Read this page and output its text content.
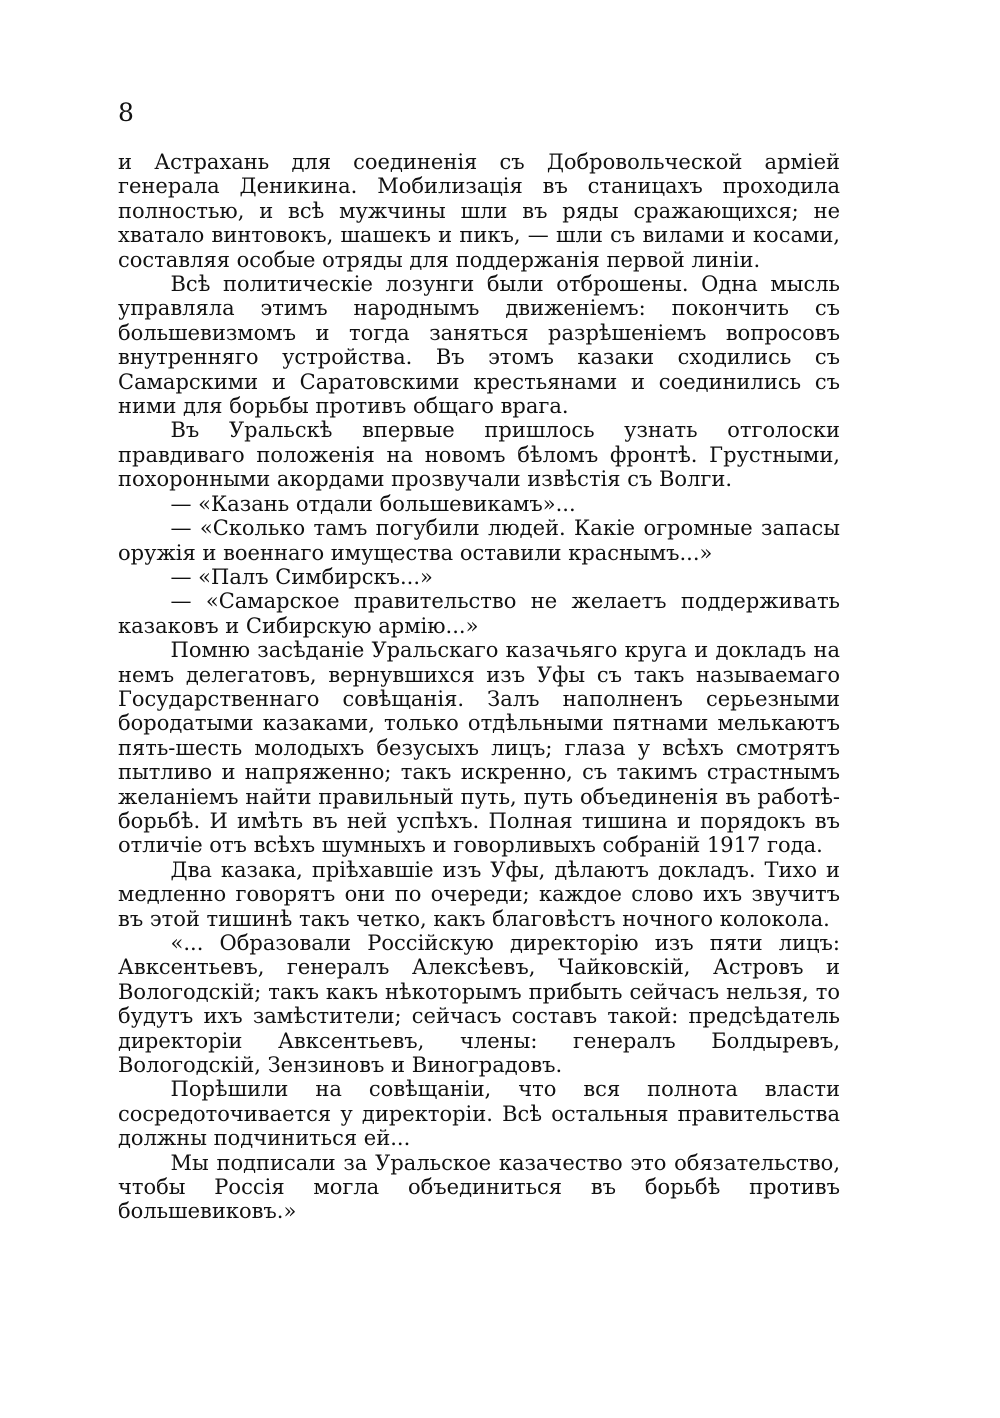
8

и Астрахань для соединенія съ Добровольческой арміей генерала Деникина. Мобилизація въ станицахъ проходила полностью, и всѣ мужчины шли въ ряды сражающихся; не хватало винтовокъ, шашекъ и пикъ, — шли съ вилами и косами, составляя особые отряды для поддержанія первой линіи.

Всѣ политическіе лозунги были отброшены. Одна мысль управляла этимъ народнымъ движеніемъ: покончить съ большевизмомъ и тогда заняться разрѣшеніемъ вопросовъ внутренняго устройства. Въ этомъ казаки сходились съ Самарскими и Саратовскими крестьянами и соединились съ ними для борьбы противъ общаго врага.

Въ Уральскѣ впервые пришлось узнать отголоски правдиваго положенія на новомъ бѣломъ фронтѣ. Грустными, похоронными акордами прозвучали извѣстія съ Волги.

— «Казань отдали большевикамъ»...

— «Сколько тамъ погубили людей. Какіе огромные запасы оружія и военнаго имущества оставили краснымъ...»

— «Палъ Симбирскъ...»

— «Самарское правительство не желаетъ поддерживать казаковъ и Сибирскую армію...»

Помню засѣданіе Уральскаго казачьяго круга и докладъ на немъ делегатовъ, вернувшихся изъ Уфы съ такъ называемаго Государственнаго совѣщанія. Залъ наполненъ серьезными бородатыми казаками, только отдѣльными пятнами мелькаютъ пять-шесть молодыхъ безусыхъ лицъ; глаза у всѣхъ смотрятъ пытливо и напряженно; такъ искренно, съ такимъ страстнымъ желаніемъ найти правильный путь, путь объединенія въ работѣ-борьбѣ. И имѣть въ ней успѣхъ. Полная тишина и порядокъ въ отличіе отъ всѣхъ шумныхъ и говорливыхъ собраній 1917 года.

Два казака, пріѣхавшіе изъ Уфы, дѣлаютъ докладъ. Тихо и медленно говорятъ они по очереди; каждое слово ихъ звучитъ въ этой тишинѣ такъ четко, какъ благовѣстъ ночного колокола.

«... Образовали Россійскую директорію изъ пяти лицъ: Авксентьевъ, генералъ Алексѣевъ, Чайковскій, Астровъ и Вологодскій; такъ какъ нѣкоторымъ прибыть сейчасъ нельзя, то будутъ ихъ замѣстители; сейчасъ составъ такой: предсѣдатель директоріи Авксентьевъ, члены: генералъ Болдыревъ, Вологодскій, Зензиновъ и Виноградовъ.

Порѣшили на совѣщаніи, что вся полнота власти сосредоточивается у директоріи. Всѣ остальныя правительства должны подчиниться ей...

Мы подписали за Уральское казачество это обязательство, чтобы Россія могла объединиться въ борьбѣ противъ большевиковъ.»
